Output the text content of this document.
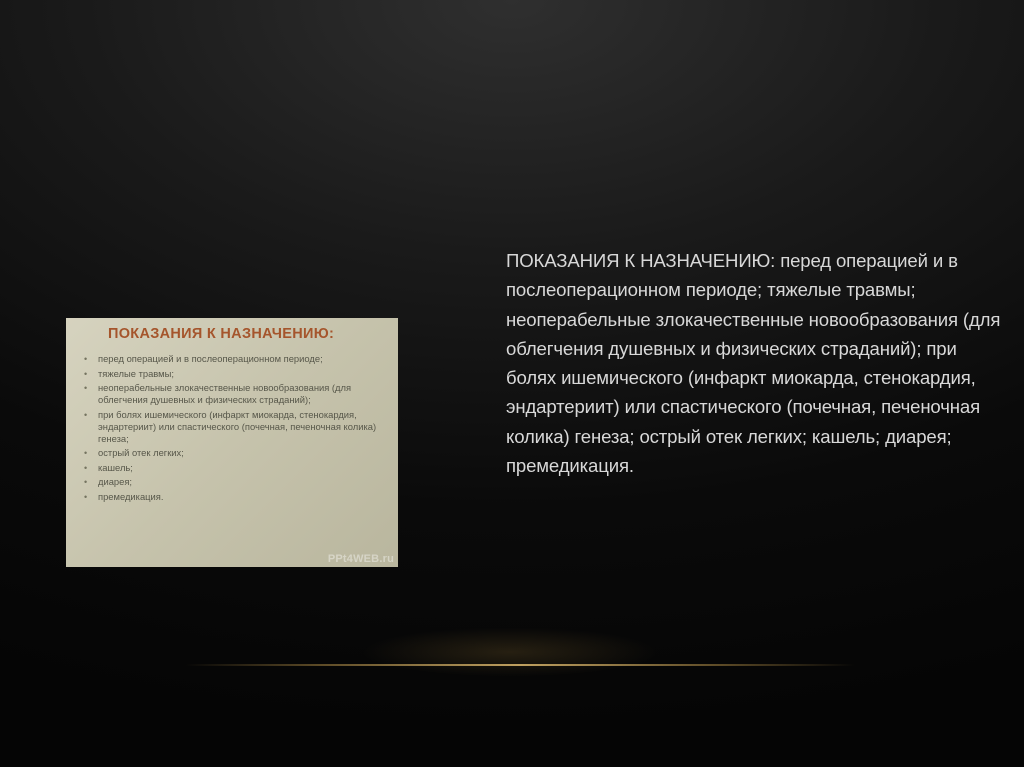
ПОКАЗАНИЯ К НАЗНАЧЕНИЮ:
• перед операцией и в послеоперационном периоде;
• тяжелые травмы;
• неоперабельные злокачественные новообразования (для облегчения душевных и физических страданий);
• при болях ишемического (инфаркт миокарда, стенокардия, эндартериит) или спастического (почечная, печеночная колика) генеза;
• острый отек легких;
• кашель;
• диарея;
• премедикация.
PPt4WEB.ru

ПОКАЗАНИЯ К НАЗНАЧЕНИЮ: перед операцией и в послеоперационном периоде; тяжелые травмы; неоперабельные злокачественные новообразования (для облегчения душевных и физических страданий); при болях ишемического (инфаркт миокарда, стенокардия, эндартериит) или спастического (почечная, печеночная колика) генеза; острый отек легких; кашель; диарея; премедикация.
